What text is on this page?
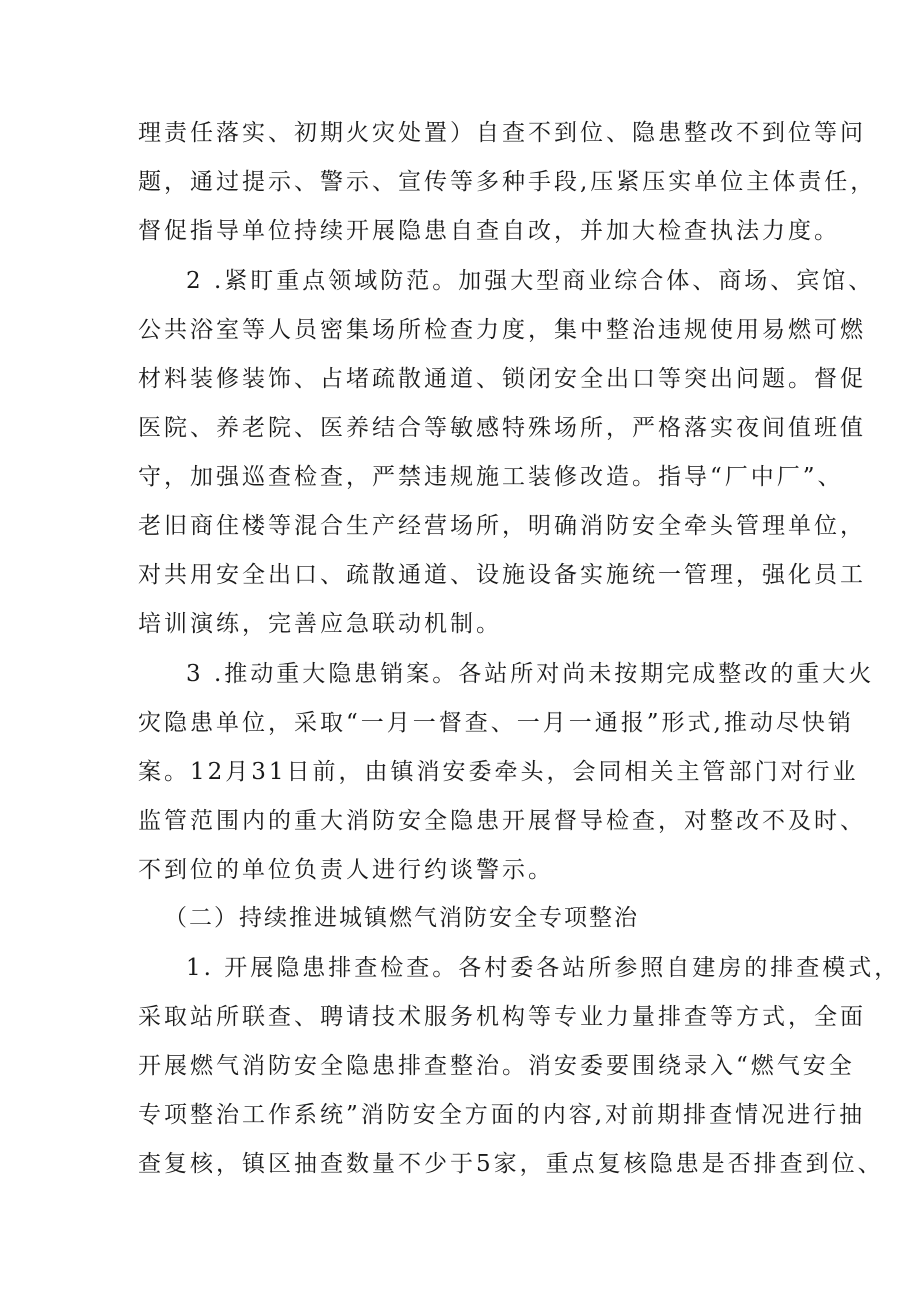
理责任落实、初期火灾处置）自查不到位、隐患整改不到位等问
题，通过提示、警示、宣传等多种手段,压紧压实单位主体责任，
督促指导单位持续开展隐患自查自改，并加大检查执法力度。
2 .紧盯重点领域防范。加强大型商业综合体、商场、宾馆、
公共浴室等人员密集场所检查力度，集中整治违规使用易燃可燃
材料装修装饰、占堵疏散通道、锁闭安全出口等突出问题。督促
医院、养老院、医养结合等敏感特殊场所，严格落实夜间值班值
守，加强巡查检查，严禁违规施工装修改造。指导“厂中厂”、
老旧商住楼等混合生产经营场所，明确消防安全牵头管理单位，
对共用安全出口、疏散通道、设施设备实施统一管理，强化员工
培训演练，完善应急联动机制。
3 .推动重大隐患销案。各站所对尚未按期完成整改的重大火
灾隐患单位，采取“一月一督查、一月一通报”形式,推动尽快销
案。12月31日前，由镇消安委牵头，会同相关主管部门对行业
监管范围内的重大消防安全隐患开展督导检查，对整改不及时、
不到位的单位负责人进行约谈警示。
（二）持续推进城镇燃气消防安全专项整治
1. 开展隐患排查检查。各村委各站所参照自建房的排查模式，
采取站所联查、聘请技术服务机构等专业力量排查等方式，全面
开展燃气消防安全隐患排查整治。消安委要围绕录入“燃气安全
专项整治工作系统”消防安全方面的内容,对前期排查情况进行抽
查复核，镇区抽查数量不少于5家，重点复核隐患是否排查到位、
